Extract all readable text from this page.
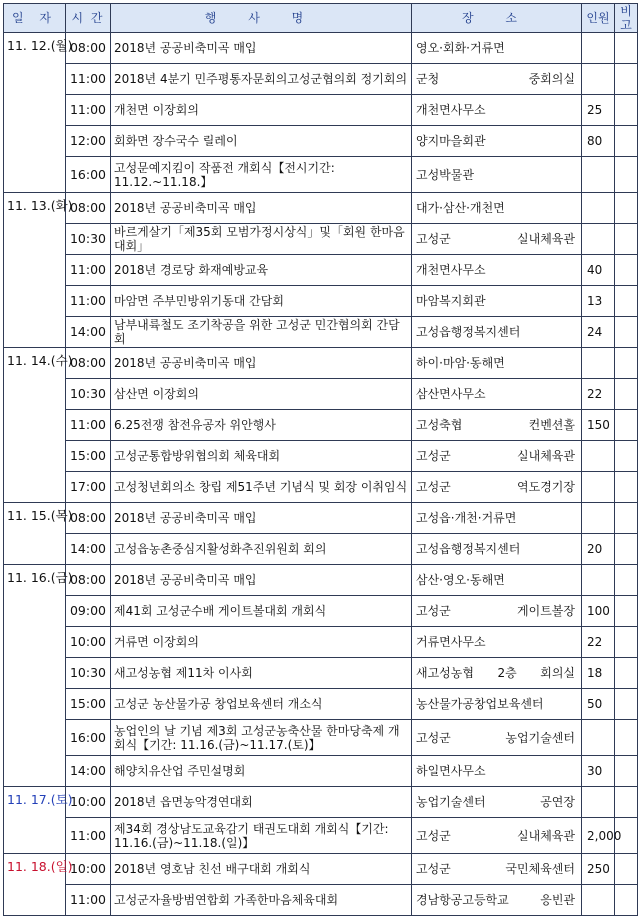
일 자	시 간	행 사 명	장 소	인원	비고
11. 12.(월)	08:00	2018년 공공비축미곡 매입	영오·회화·거류면		
	11:00	2018년 4분기 민주평통자문회의고성군협의회 정기회의	군청 중회의실		
	11:00	개천면 이장회의	개천면사무소	25	
	12:00	회화면 장수국수 릴레이	양지마을회관	80	
	16:00	고성문예지킴이 작품전 개회식【전시기간: 11.12.~11.18.】	고성박물관		
11. 13.(화)	08:00	2018년 공공비축미곡 매입	대가·삼산·개천면		
	10:30	바르게살기「제35회 모범가정시상식」및「회원 한마음대회」	고성군 실내체육관		
	11:00	2018년 경로당 화재예방교육	개천면사무소	40	
	11:00	마암면 주부민방위기동대 간담회	마암복지회관	13	
	14:00	남부내륙철도 조기착공을 위한 고성군 민간협의회 간담회	고성읍행정복지센터	24	
11. 14.(수)	08:00	2018년 공공비축미곡 매입	하이·마암·동해면		
	10:30	삼산면 이장회의	삼산면사무소	22	
	11:00	6.25전쟁 참전유공자 위안행사	고성축협 컨벤션홀	150	
	15:00	고성군통합방위협의회 체육대회	고성군 실내체육관		
	17:00	고성청년회의소 창립 제51주년 기념식 및 회장 이취임식	고성군 역도경기장		
11. 15.(목)	08:00	2018년 공공비축미곡 매입	고성읍·개천·거류면		
	14:00	고성읍농촌중심지활성화추진위원회 회의	고성읍행정복지센터	20	
11. 16.(금)	08:00	2018년 공공비축미곡 매입	삼산·영오·동해면		
	09:00	제41회 고성군수배 게이트볼대회 개회식	고성군 게이트볼장	100	
	10:00	거류면 이장회의	거류면사무소	22	
	10:30	새고성농협 제11차 이사회	새고성농협 2층 회의실	18	
	15:00	고성군 농산물가공 창업보육센터 개소식	농산물가공창업보육센터	50	
	16:00	농업인의 날 기념 제3회 고성군농축산물 한마당축제 개회식【기간: 11.16.(금)~11.17.(토)】	고성군 농업기술센터		
	14:00	해양치유산업 주민설명회	하일면사무소	30	
11. 17.(토)	10:00	2018년 읍면농악경연대회	농업기술센터 공연장		
	11:00	제34회 경상남도교육감기 태권도대회 개회식【기간: 11.16.(금)~11.18.(일)】	고성군 실내체육관	2,000	
11. 18.(일)	10:00	2018년 영호남 친선 배구대회 개회식	고성군 국민체육센터	250	
	11:00	고성군자율방범연합회 가족한마음체육대회	경남항공고등학교 응빈관		
